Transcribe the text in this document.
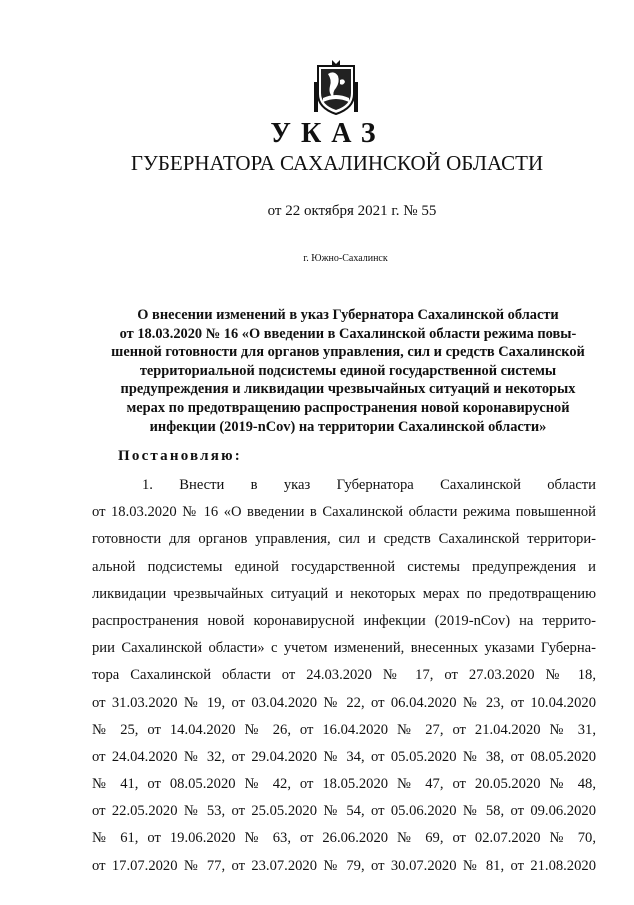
УКАЗ
ГУБЕРНАТОРА САХАЛИНСКОЙ ОБЛАСТИ
от 22 октября 2021 г. № 55
г. Южно-Сахалинск
О внесении изменений в указ Губернатора Сахалинской области
от 18.03.2020 № 16 «О введении в Сахалинской области режима повы-
шенной готовности для органов управления, сил и средств Сахалинской
территориальной подсистемы единой государственной системы
предупреждения и ликвидации чрезвычайных ситуаций и некоторых
мерах по предотвращению распространения новой коронавирусной
инфекции (2019-nCov) на территории Сахалинской области»
Постановляю:
1. Внести в указ Губернатора Сахалинской области
от 18.03.2020 № 16 «О введении в Сахалинской области режима повышенной
готовности для органов управления, сил и средств Сахалинской территори-
альной подсистемы единой государственной системы предупреждения и
ликвидации чрезвычайных ситуаций и некоторых мерах по предотвращению
распространения новой коронавирусной инфекции (2019-nCov) на террито-
рии Сахалинской области» с учетом изменений, внесенных указами Губерна-
тора Сахалинской области от 24.03.2020 № 17, от 27.03.2020 № 18,
от 31.03.2020 № 19, от 03.04.2020 № 22, от 06.04.2020 № 23, от 10.04.2020
№ 25, от 14.04.2020 № 26, от 16.04.2020 № 27, от 21.04.2020 № 31,
от 24.04.2020 № 32, от 29.04.2020 № 34, от 05.05.2020 № 38, от 08.05.2020
№ 41, от 08.05.2020 № 42, от 18.05.2020 № 47, от 20.05.2020 № 48,
от 22.05.2020 № 53, от 25.05.2020 № 54, от 05.06.2020 № 58, от 09.06.2020
№ 61, от 19.06.2020 № 63, от 26.06.2020 № 69, от 02.07.2020 № 70,
от 17.07.2020 № 77, от 23.07.2020 № 79, от 30.07.2020 № 81, от 21.08.2020
